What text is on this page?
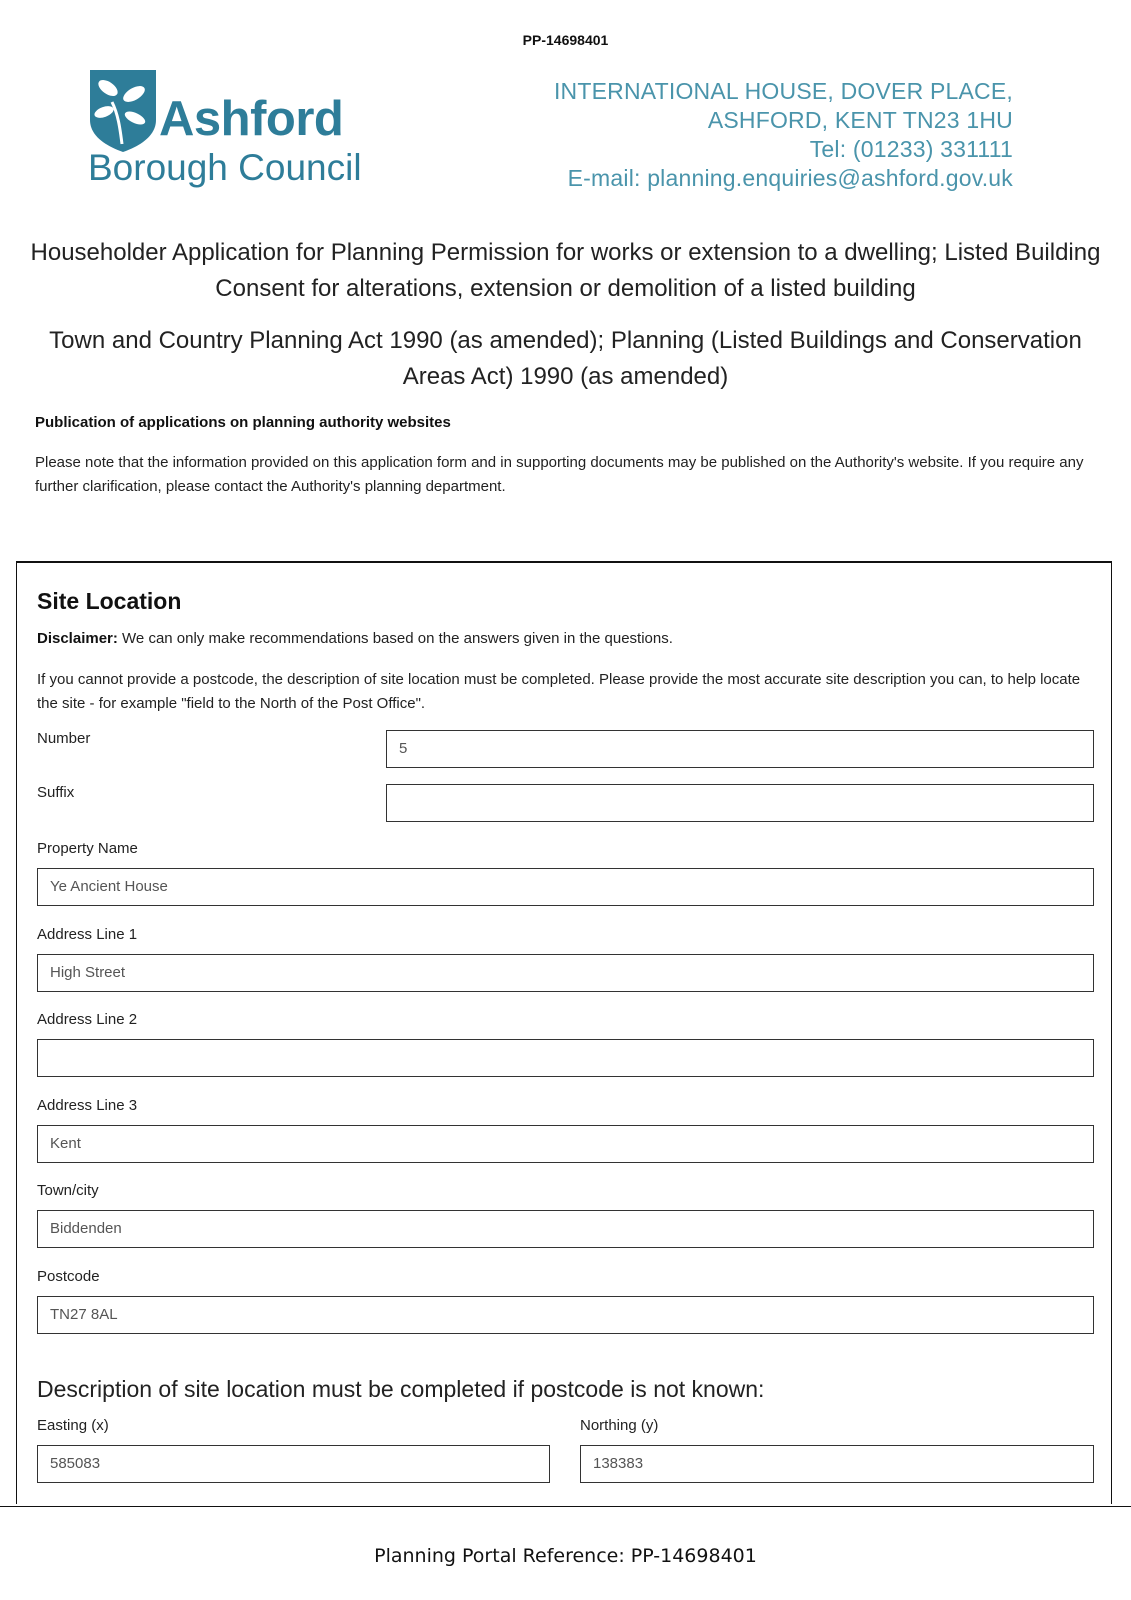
PP-14698401
Ashford
Borough Council
INTERNATIONAL HOUSE, DOVER PLACE,
ASHFORD, KENT TN23 1HU
Tel: (01233) 331111
E-mail: planning.enquiries@ashford.gov.uk
Householder Application for Planning Permission for works or extension to a dwelling; Listed Building Consent for alterations, extension or demolition of a listed building
Town and Country Planning Act 1990 (as amended); Planning (Listed Buildings and Conservation Areas Act) 1990 (as amended)
Publication of applications on planning authority websites
Please note that the information provided on this application form and in supporting documents may be published on the Authority's website. If you require any further clarification, please contact the Authority's planning department.
Site Location
Disclaimer: We can only make recommendations based on the answers given in the questions.
If you cannot provide a postcode, the description of site location must be completed. Please provide the most accurate site description you can, to help locate the site - for example "field to the North of the Post Office".
Number
5
Suffix
Property Name
Ye Ancient House
Address Line 1
High Street
Address Line 2
Address Line 3
Kent
Town/city
Biddenden
Postcode
TN27 8AL
Description of site location must be completed if postcode is not known:
Easting (x)
585083
Northing (y)
138383
Planning Portal Reference: PP-14698401
